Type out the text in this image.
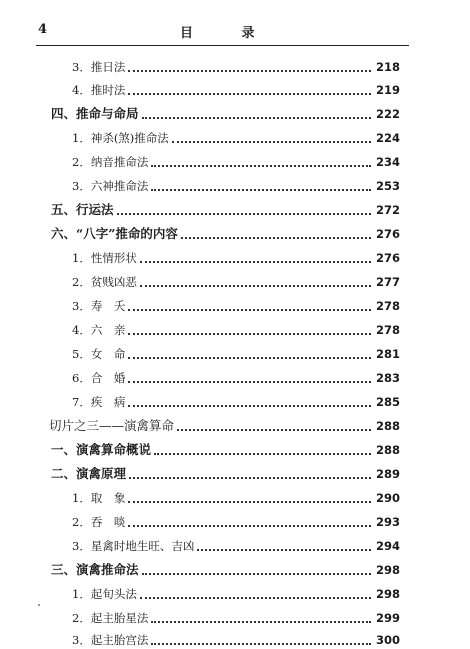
4	目 录
3．推日法	218
4．推时法	219
四、推命与命局	222
1．神杀(煞)推命法	224
2．纳音推命法	234
3．六神推命法	253
五、行运法	272
六、“八字”推命的内容	276
1．性情形状	276
2．贫贱凶恶	277
3．寿　夭	278
4．六　亲	278
5．女　命	281
6．合　婚	283
7．疾　病	285
切片之三——演禽算命	288
一、演禽算命概说	288
二、演禽原理	289
1．取　象	290
2．吞　啖	293
3．星禽时地生旺、吉凶	294
三、演禽推命法	298
1．起旬头法	298
2．起主胎星法	299
3．起主胎宫法	300
